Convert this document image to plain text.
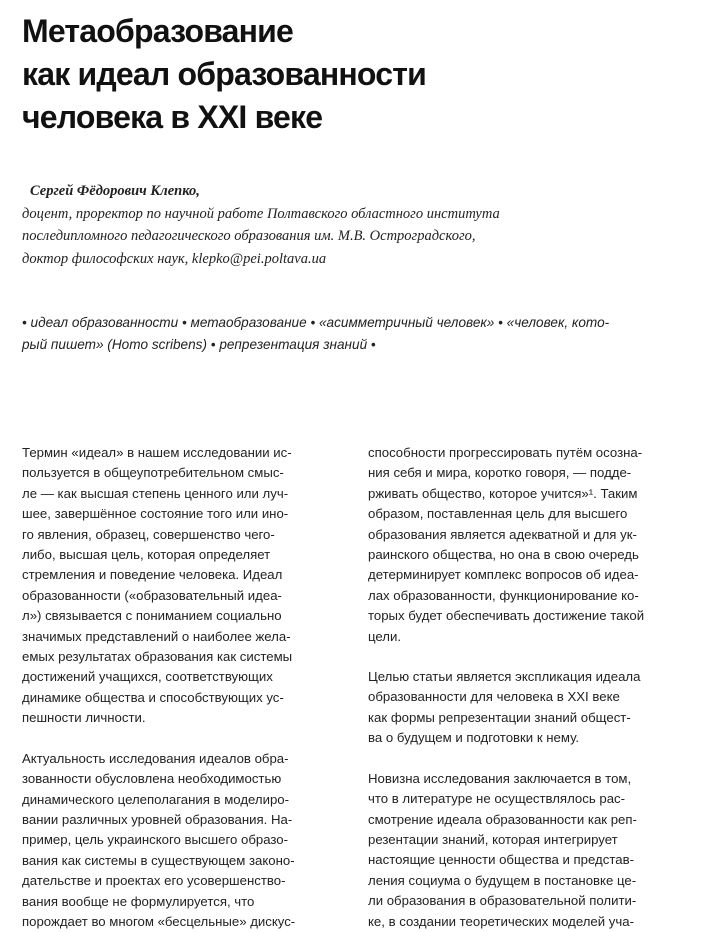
Метаобразование
как идеал образованности
человека в XXI веке
Сергей Фёдорович Клепко,
доцент, проректор по научной работе Полтавского областного института
последипломного педагогического образования им. М.В. Остроградского,
доктор философских наук, klepko@pei.poltava.ua
• идеал образованности • метаобразование • «асимметричный человек» • «человек, кото-
рый пишет» (Homo scribens) • репрезентация знаний •
Термин «идеал» в нашем исследовании ис-
пользуется в общеупотребительном смыс-
ле — как высшая степень ценного или луч-
шее, завершённое состояние того или ино-
го явления, образец, совершенство чего-
либо, высшая цель, которая определяет
стремления и поведение человека. Идеал
образованности («образовательный идеа-
л») связывается с пониманием социально
значимых представлений о наиболее жела-
емых результатах образования как системы
достижений учащихся, соответствующих
динамике общества и способствующих ус-
пешности личности.
Актуальность исследования идеалов обра-
зованности обусловлена необходимостью
динамического целеполагания в моделиро-
вании различных уровней образования. На-
пример, цель украинского высшего образо-
вания как системы в существующем законо-
дательстве и проектах его усовершенство-
вания вообще не формулируется, что
порождает во многом «бесцельные» дискус-
способности прогрессировать путём осозна-
ния себя и мира, коротко говоря, — подде-
рживать общество, которое учится»¹. Таким
образом, поставленная цель для высшего
образования является адекватной и для ук-
раинского общества, но она в свою очередь
детерминирует комплекс вопросов об идеа-
лах образованности, функционирование ко-
торых будет обеспечивать достижение такой
цели.
Целью статьи является экспликация идеала
образованности для человека в XXI веке
как формы репрезентации знаний общест-
ва о будущем и подготовки к нему.
Новизна исследования заключается в том,
что в литературе не осуществлялось рас-
смотрение идеала образованности как реп-
резентации знаний, которая интегрирует
настоящие ценности общества и представ-
ления социума о будущем в постановке це-
ли образования в образовательной полити-
ке, в создании теоретических моделей уча-
